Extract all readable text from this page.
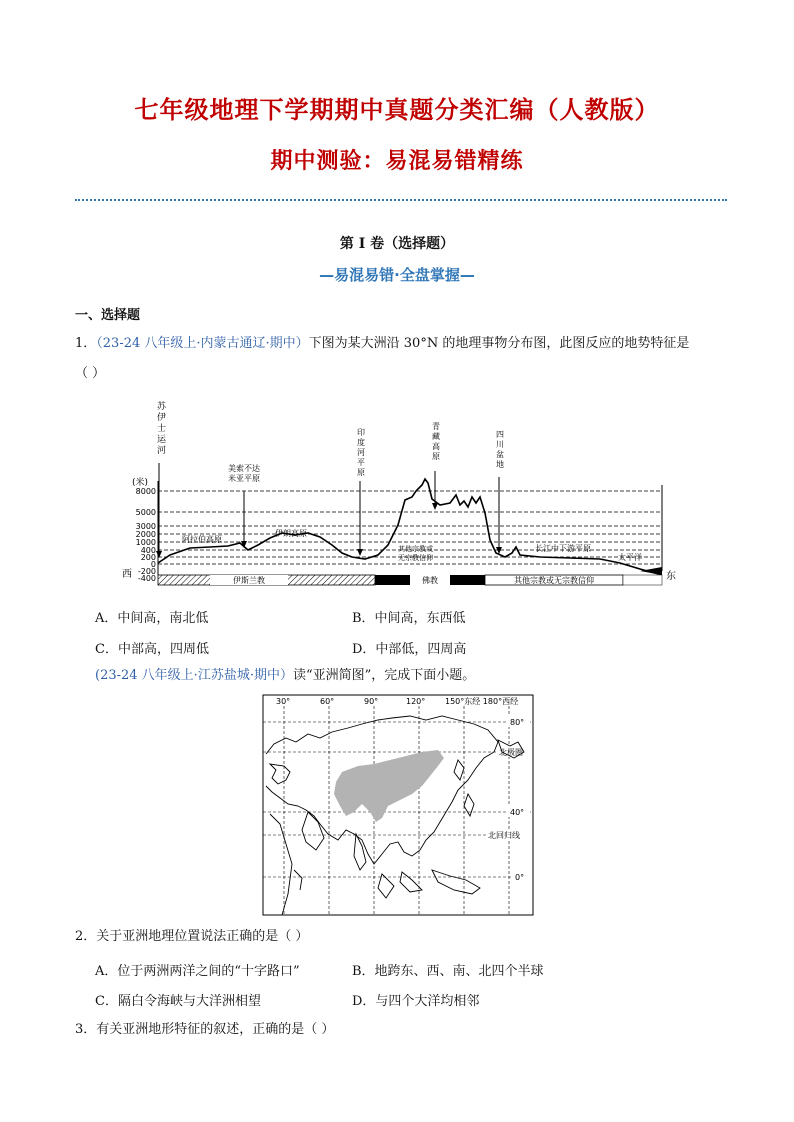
七年级地理下学期期中真题分类汇编（人教版）
期中测验：易混易错精练
第 I 卷（选择题）
—易混易错·全盘掌握—
一、选择题
1．（23-24 八年级上·内蒙古通辽·期中）下图为某大洲沿 30°N 的地理事物分布图，此图反应的地势特征是
（ ）
苏伊士运河
印度河平原
青藏高原
四川盆地
美索不达米亚平原
(米)
8000
5000
3000
2000
1000
400
200
0
-200
-400
阿拉伯高原
伊朗高原
其他宗教或无宗教信仰
长江中下游平原
太平洋
伊斯兰教	佛教	其他宗教或无宗教信仰
西	东
A．中间高，南北低	B．中间高，东西低
C．中部高，四周低	D．中部低，四周高
(23-24 八年级上·江苏盐城·期中）读“亚洲简图”，完成下面小题。
30°	60°	90°	120° 150°东经 180°西经
80°
北极圈
40°
北回归线
0°
2．关于亚洲地理位置说法正确的是（ ）
A．位于两洲两洋之间的“十字路口”	B．地跨东、西、南、北四个半球
C．隔白令海峡与大洋洲相望	D．与四个大洋均相邻
3．有关亚洲地形特征的叙述，正确的是（ ）
